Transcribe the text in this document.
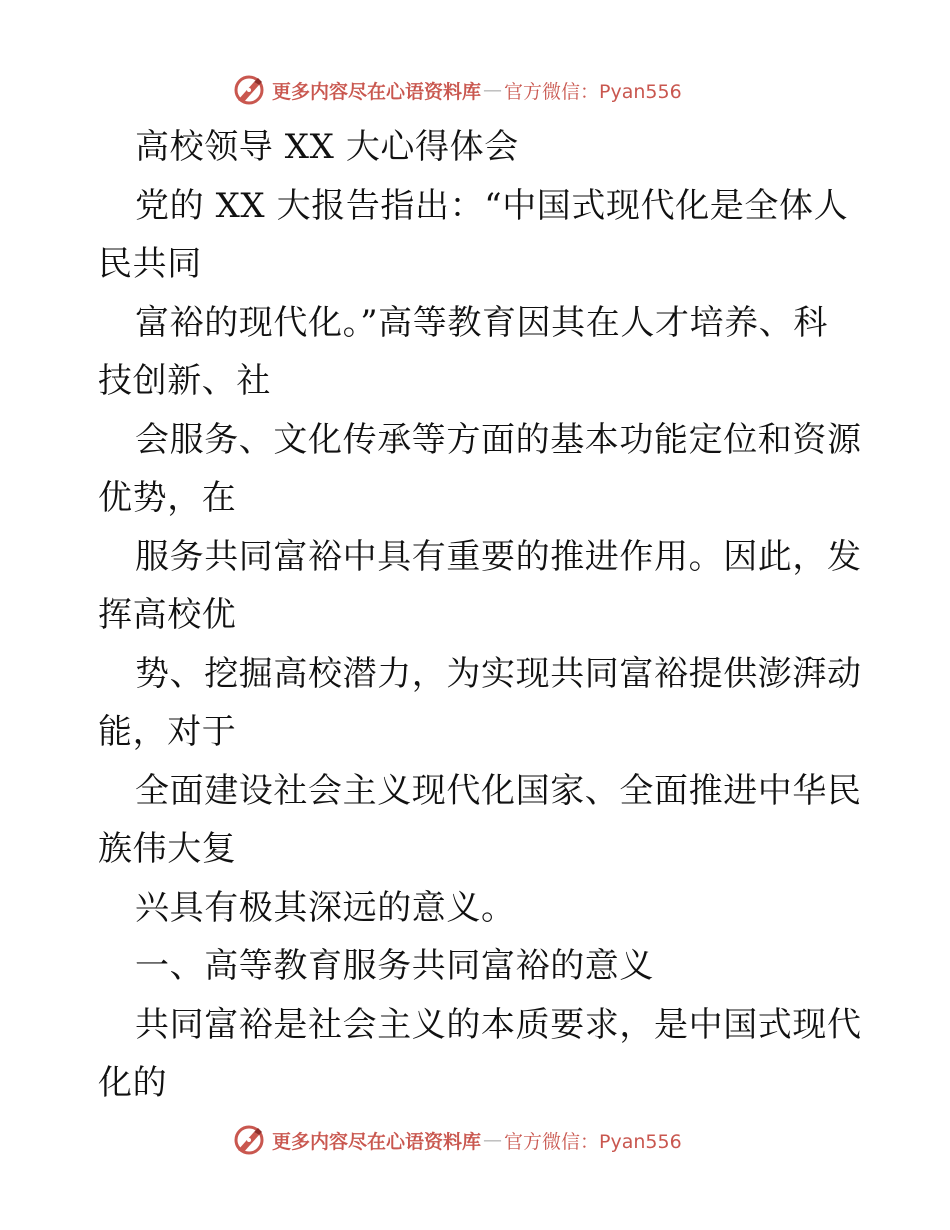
更多内容尽在心语资料库 — 官方微信：Pyan556
高校领导 XX 大心得体会
党的 XX 大报告指出：“中国式现代化是全体人
民共同
富裕的现代化。”高等教育因其在人才培养、科
技创新、社
会服务、文化传承等方面的基本功能定位和资源
优势，在
服务共同富裕中具有重要的推进作用。因此，发
挥高校优
势、挖掘高校潜力，为实现共同富裕提供澎湃动
能，对于
全面建设社会主义现代化国家、全面推进中华民
族伟大复
兴具有极其深远的意义。
一、高等教育服务共同富裕的意义
共同富裕是社会主义的本质要求，是中国式现代
化的
更多内容尽在心语资料库 — 官方微信：Pyan556
